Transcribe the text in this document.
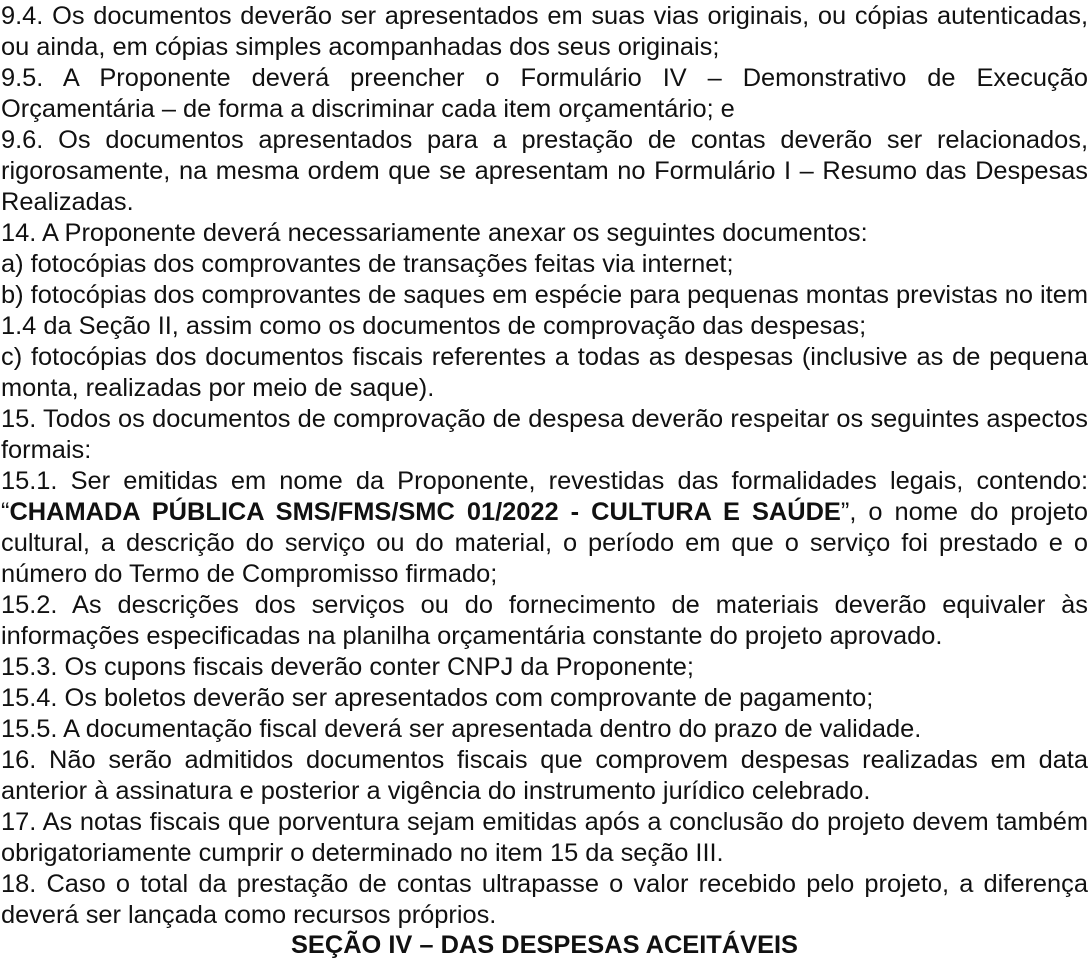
9.4. Os documentos deverão ser apresentados em suas vias originais, ou cópias autenticadas, ou ainda, em cópias simples acompanhadas dos seus originais;

9.5. A Proponente deverá preencher o Formulário IV – Demonstrativo de Execução Orçamentária – de forma a discriminar cada item orçamentário; e

9.6. Os documentos apresentados para a prestação de contas deverão ser relacionados, rigorosamente, na mesma ordem que se apresentam no Formulário I – Resumo das Despesas Realizadas.

14. A Proponente deverá necessariamente anexar os seguintes documentos:

a) fotocópias dos comprovantes de transações feitas via internet;

b) fotocópias dos comprovantes de saques em espécie para pequenas montas previstas no item 1.4 da Seção II, assim como os documentos de comprovação das despesas;

c) fotocópias dos documentos fiscais referentes a todas as despesas (inclusive as de pequena monta, realizadas por meio de saque).

15. Todos os documentos de comprovação de despesa deverão respeitar os seguintes aspectos formais:

15.1. Ser emitidas em nome da Proponente, revestidas das formalidades legais, contendo: “CHAMADA PÚBLICA SMS/FMS/SMC 01/2022 - CULTURA E SAÚDE”, o nome do projeto cultural, a descrição do serviço ou do material, o período em que o serviço foi prestado e o número do Termo de Compromisso firmado;

15.2. As descrições dos serviços ou do fornecimento de materiais deverão equivaler às informações especificadas na planilha orçamentária constante do projeto aprovado.

15.3. Os cupons fiscais deverão conter CNPJ da Proponente;

15.4. Os boletos deverão ser apresentados com comprovante de pagamento;

15.5. A documentação fiscal deverá ser apresentada dentro do prazo de validade.

16. Não serão admitidos documentos fiscais que comprovem despesas realizadas em data anterior à assinatura e posterior a vigência do instrumento jurídico celebrado.

17. As notas fiscais que porventura sejam emitidas após a conclusão do projeto devem também obrigatoriamente cumprir o determinado no item 15 da seção III.

18. Caso o total da prestação de contas ultrapasse o valor recebido pelo projeto, a diferença deverá ser lançada como recursos próprios.

SEÇÃO IV – DAS DESPESAS ACEITÁVEIS
